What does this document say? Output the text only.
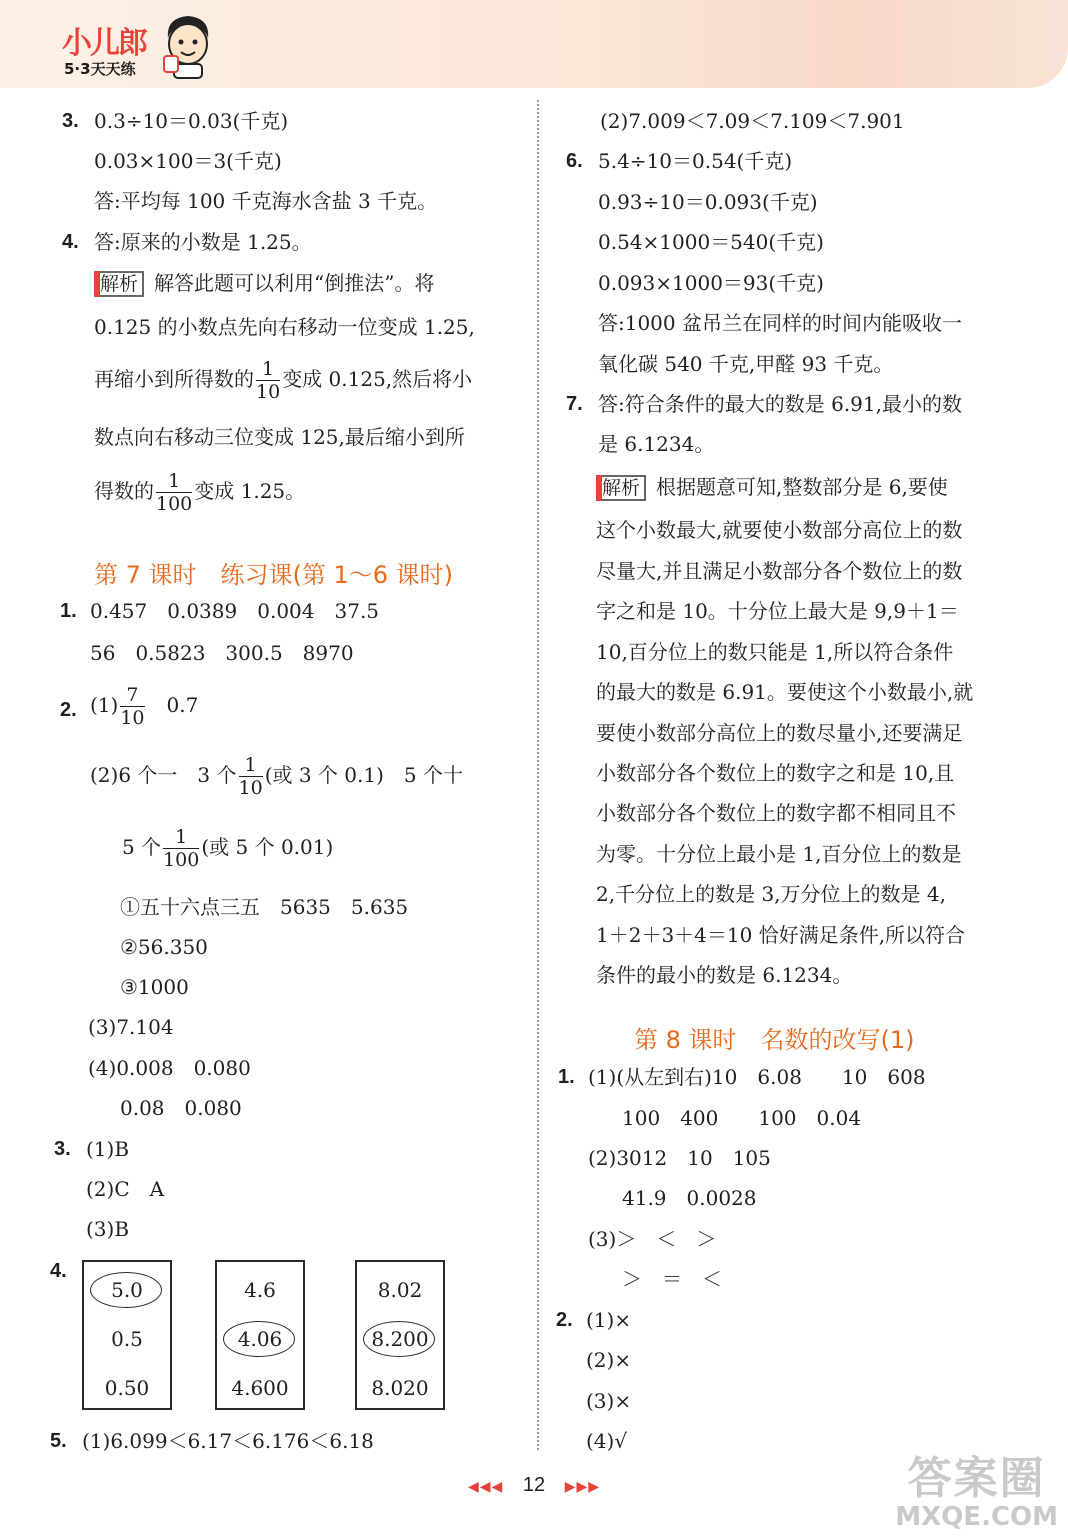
小儿郎
5·3天天练
3. 0.3÷10＝0.03(千克)
0.03×100＝3(千克)
答:平均每 100 千克海水含盐 3 千克。
4. 答:原来的小数是 1.25。
解析 解答此题可以利用“倒推法”。将
0.125 的小数点先向右移动一位变成 1.25,
再缩小到所得数的 $\frac{1}{10}$ 变成 0.125,然后将小
数点向右移动三位变成 125,最后缩小到所
得数的 $\frac{1}{100}$ 变成 1.25。
第 7 课时　练习课(第 1～6 课时)
1. 0.457　0.0389　0.004　37.5
56　0.5823　300.5　8970
2. $(1) \frac{7}{10}$
　 0.7
(2)6 个一　3 个 $\frac{1}{10}$ (或 3 个 0.1)　5 个十
5 个 $\frac{1}{100}$ (或 5 个 0.01)
①五十六点三五　5635　5.635
②56.350
③1000
(3)7.104
(4)0.008　0.080
0.08　0.080
3. (1)B
(2)C　A
(3)B
4.
5.0
0.5
0.50
4.6
4.06
4.600
8.02
8.200
8.020
5. (1)6.099＜6.17＜6.176＜6.18
(2)7.009＜7.09＜7.109＜7.901
6. 5.4÷10＝0.54(千克)
0.93÷10＝0.093(千克)
0.54×1000＝540(千克)
0.093×1000＝93(千克)
答:1000 盆吊兰在同样的时间内能吸收一
氧化碳 540 千克,甲醛 93 千克。
7. 答:符合条件的最大的数是 6.91,最小的数
是 6.1234。
解析 根据题意可知,整数部分是 6,要使
这个小数最大,就要使小数部分高位上的数
尽量大,并且满足小数部分各个数位上的数
字之和是 10。十分位上最大是 9,9＋1＝
10,百分位上的数只能是 1,所以符合条件
的最大的数是 6.91。要使这个小数最小,就
要使小数部分高位上的数尽量小,还要满足
小数部分各个数位上的数字之和是 10,且
小数部分各个数位上的数字都不相同且不
为零。十分位上最小是 1,百分位上的数是
2,千分位上的数是 3,万分位上的数是 4,
1＋2＋3＋4＝10 恰好满足条件,所以符合
条件的最小的数是 6.1234。
第 8 课时　名数的改写(1)
1. (1)(从左到右)10　6.08　　10　608
100　400　　100　0.04
(2)3012　10　105
41.9　0.0028
(3)＞　＜　＞
＞　＝　＜
2. (1)×
(2)×
(3)×
(4)√
◀◀◀ 12 ▶▶▶	答案圈
MXQE.COM
